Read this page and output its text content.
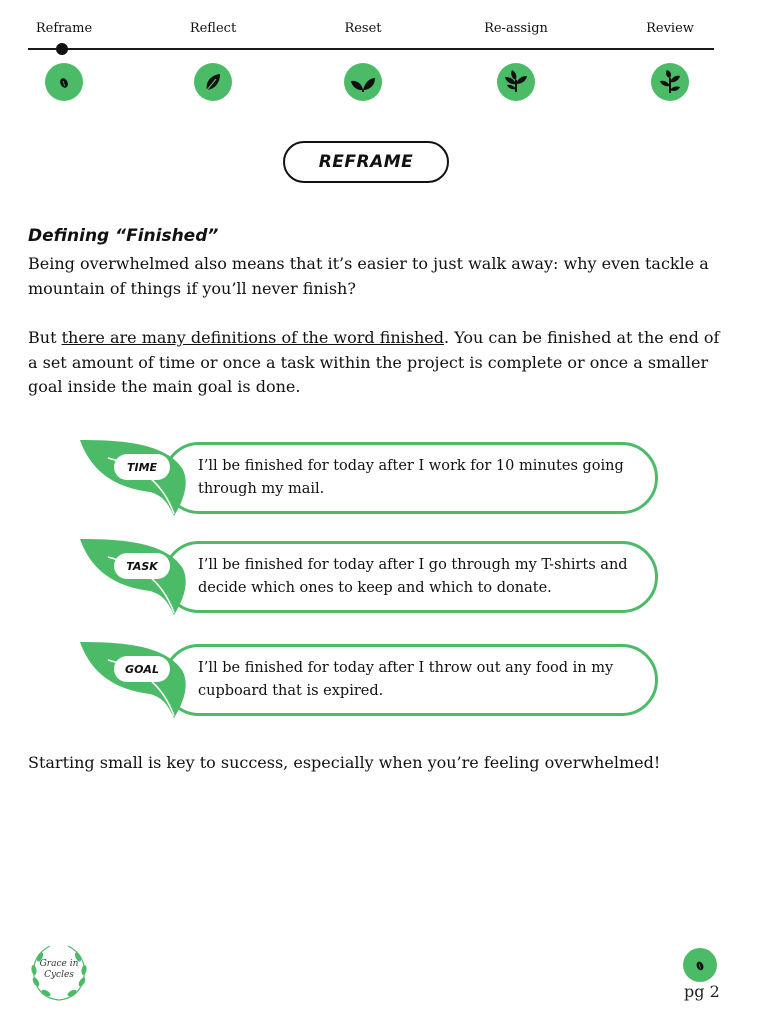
Reframe	Reflect	Reset	Re-assign	Review
REFRAME
Defining “Finished”

Being overwhelmed also means that it’s easier to just walk away: why even tackle a mountain of things if you’ll never finish?

But there are many definitions of the word finished. You can be finished at the end of a set amount of time or once a task within the project is complete or once a smaller goal inside the main goal is done.

I’ll be finished for today after I work for 10 minutes going through my mail.
TIME
I’ll be finished for today after I go through my T-shirts and decide which ones to keep and which to donate.
TASK
I’ll be finished for today after I throw out any food in my cupboard that is expired.
GOAL

Starting small is key to success, especially when you’re feeling overwhelmed!

Grace in
Cycles
pg 2
